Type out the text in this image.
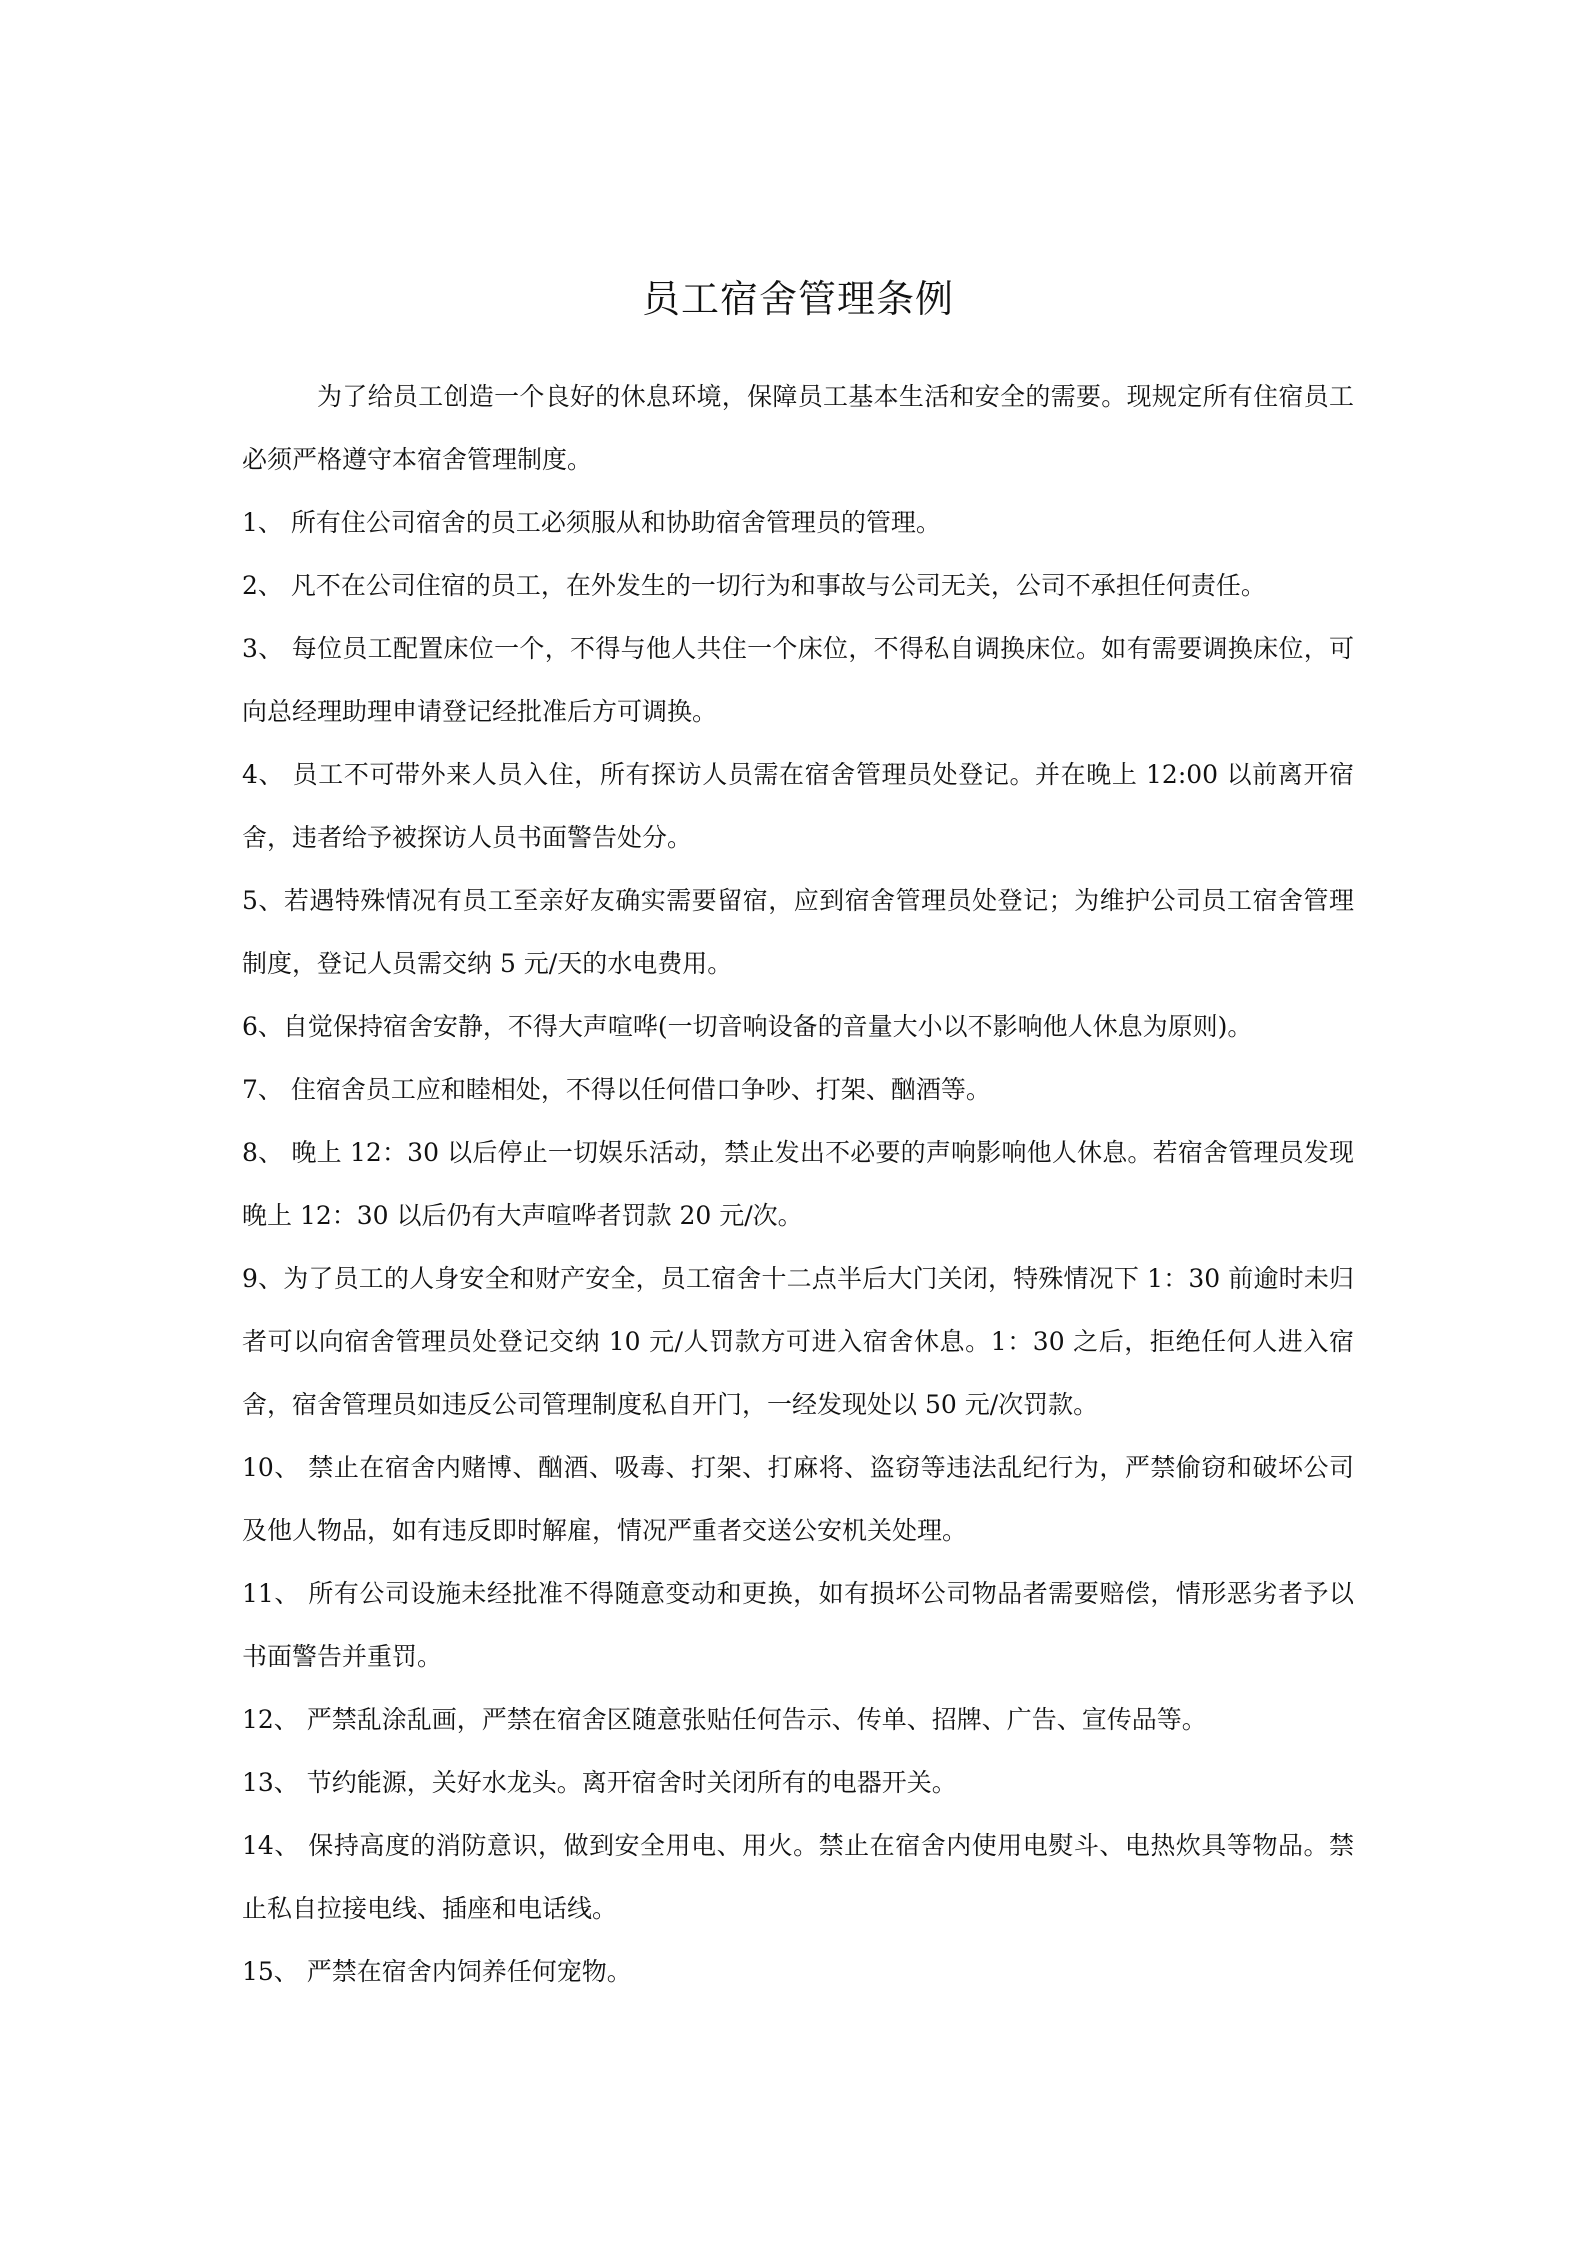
员工宿舍管理条例

为了给员工创造一个良好的休息环境，保障员工基本生活和安全的需要。现规定所有住宿员工必须严格遵守本宿舍管理制度。

1、 所有住公司宿舍的员工必须服从和协助宿舍管理员的管理。

2、 凡不在公司住宿的员工，在外发生的一切行为和事故与公司无关，公司不承担任何责任。

3、 每位员工配置床位一个，不得与他人共住一个床位，不得私自调换床位。如有需要调换床位，可向总经理助理申请登记经批准后方可调换。

4、 员工不可带外来人员入住，所有探访人员需在宿舍管理员处登记。并在晚上 12:00 以前离开宿舍，违者给予被探访人员书面警告处分。

5、若遇特殊情况有员工至亲好友确实需要留宿，应到宿舍管理员处登记；为维护公司员工宿舍管理制度，登记人员需交纳 5 元/天的水电费用。

6、自觉保持宿舍安静，不得大声喧哗(一切音响设备的音量大小以不影响他人休息为原则)。

7、 住宿舍员工应和睦相处，不得以任何借口争吵、打架、酗酒等。

8、 晚上 12：30 以后停止一切娱乐活动，禁止发出不必要的声响影响他人休息。若宿舍管理员发现晚上 12：30 以后仍有大声喧哗者罚款 20 元/次。

9、为了员工的人身安全和财产安全，员工宿舍十二点半后大门关闭，特殊情况下 1：30 前逾时未归者可以向宿舍管理员处登记交纳 10 元/人罚款方可进入宿舍休息。1：30 之后，拒绝任何人进入宿舍，宿舍管理员如违反公司管理制度私自开门，一经发现处以 50 元/次罚款。

10、 禁止在宿舍内赌博、酗酒、吸毒、打架、打麻将、盗窃等违法乱纪行为，严禁偷窃和破坏公司及他人物品，如有违反即时解雇，情况严重者交送公安机关处理。

11、 所有公司设施未经批准不得随意变动和更换，如有损坏公司物品者需要赔偿，情形恶劣者予以书面警告并重罚。

12、 严禁乱涂乱画，严禁在宿舍区随意张贴任何告示、传单、招牌、广告、宣传品等。

13、 节约能源，关好水龙头。离开宿舍时关闭所有的电器开关。

14、 保持高度的消防意识，做到安全用电、用火。禁止在宿舍内使用电熨斗、电热炊具等物品。禁止私自拉接电线、插座和电话线。

15、 严禁在宿舍内饲养任何宠物。
